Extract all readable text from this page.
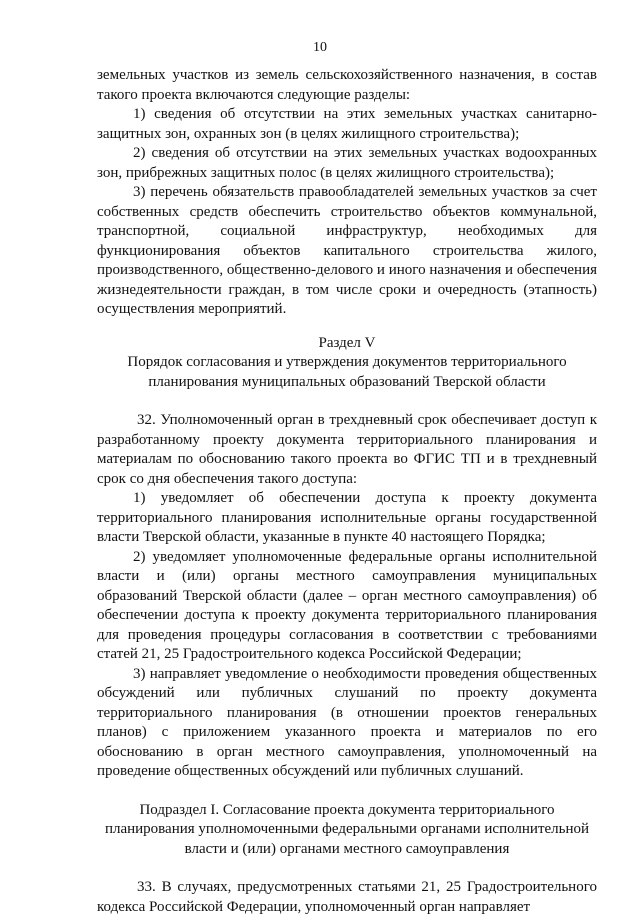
10

земельных участков из земель сельскохозяйственного назначения, в состав такого проекта включаются следующие разделы:

1) сведения об отсутствии на этих земельных участках санитарно-защитных зон, охранных зон (в целях жилищного строительства);

2) сведения об отсутствии на этих земельных участках водоохранных зон, прибрежных защитных полос (в целях жилищного строительства);

3) перечень обязательств правообладателей земельных участков за счет собственных средств обеспечить строительство объектов коммунальной, транспортной, социальной инфраструктур, необходимых для функционирования объектов капитального строительства жилого, производственного, общественно-делового и иного назначения и обеспечения жизнедеятельности граждан, в том числе сроки и очередность (этапность) осуществления мероприятий.

Раздел V

Порядок согласования и утверждения документов территориального

планирования муниципальных образований Тверской области

32. Уполномоченный орган в трехдневный срок обеспечивает доступ к разработанному проекту документа территориального планирования и материалам по обоснованию такого проекта во ФГИС ТП и в трехдневный срок со дня обеспечения такого доступа:

1) уведомляет об обеспечении доступа к проекту документа территориального планирования исполнительные органы государственной власти Тверской области, указанные в пункте 40 настоящего Порядка;

2) уведомляет уполномоченные федеральные органы исполнительной власти и (или) органы местного самоуправления муниципальных образований Тверской области (далее – орган местного самоуправления) об обеспечении доступа к проекту документа территориального планирования для проведения процедуры согласования в соответствии с требованиями статей 21, 25 Градостроительного кодекса Российской Федерации;

3) направляет уведомление о необходимости проведения общественных обсуждений или публичных слушаний по проекту документа территориального планирования (в отношении проектов генеральных планов) с приложением указанного проекта и материалов по его обоснованию в орган местного самоуправления, уполномоченный на проведение общественных обсуждений или публичных слушаний.

Подраздел I. Согласование проекта документа территориального

планирования уполномоченными федеральными органами исполнительной

власти и (или) органами местного самоуправления

33. В случаях, предусмотренных статьями 21, 25 Градостроительного кодекса Российской Федерации, уполномоченный орган направляет
